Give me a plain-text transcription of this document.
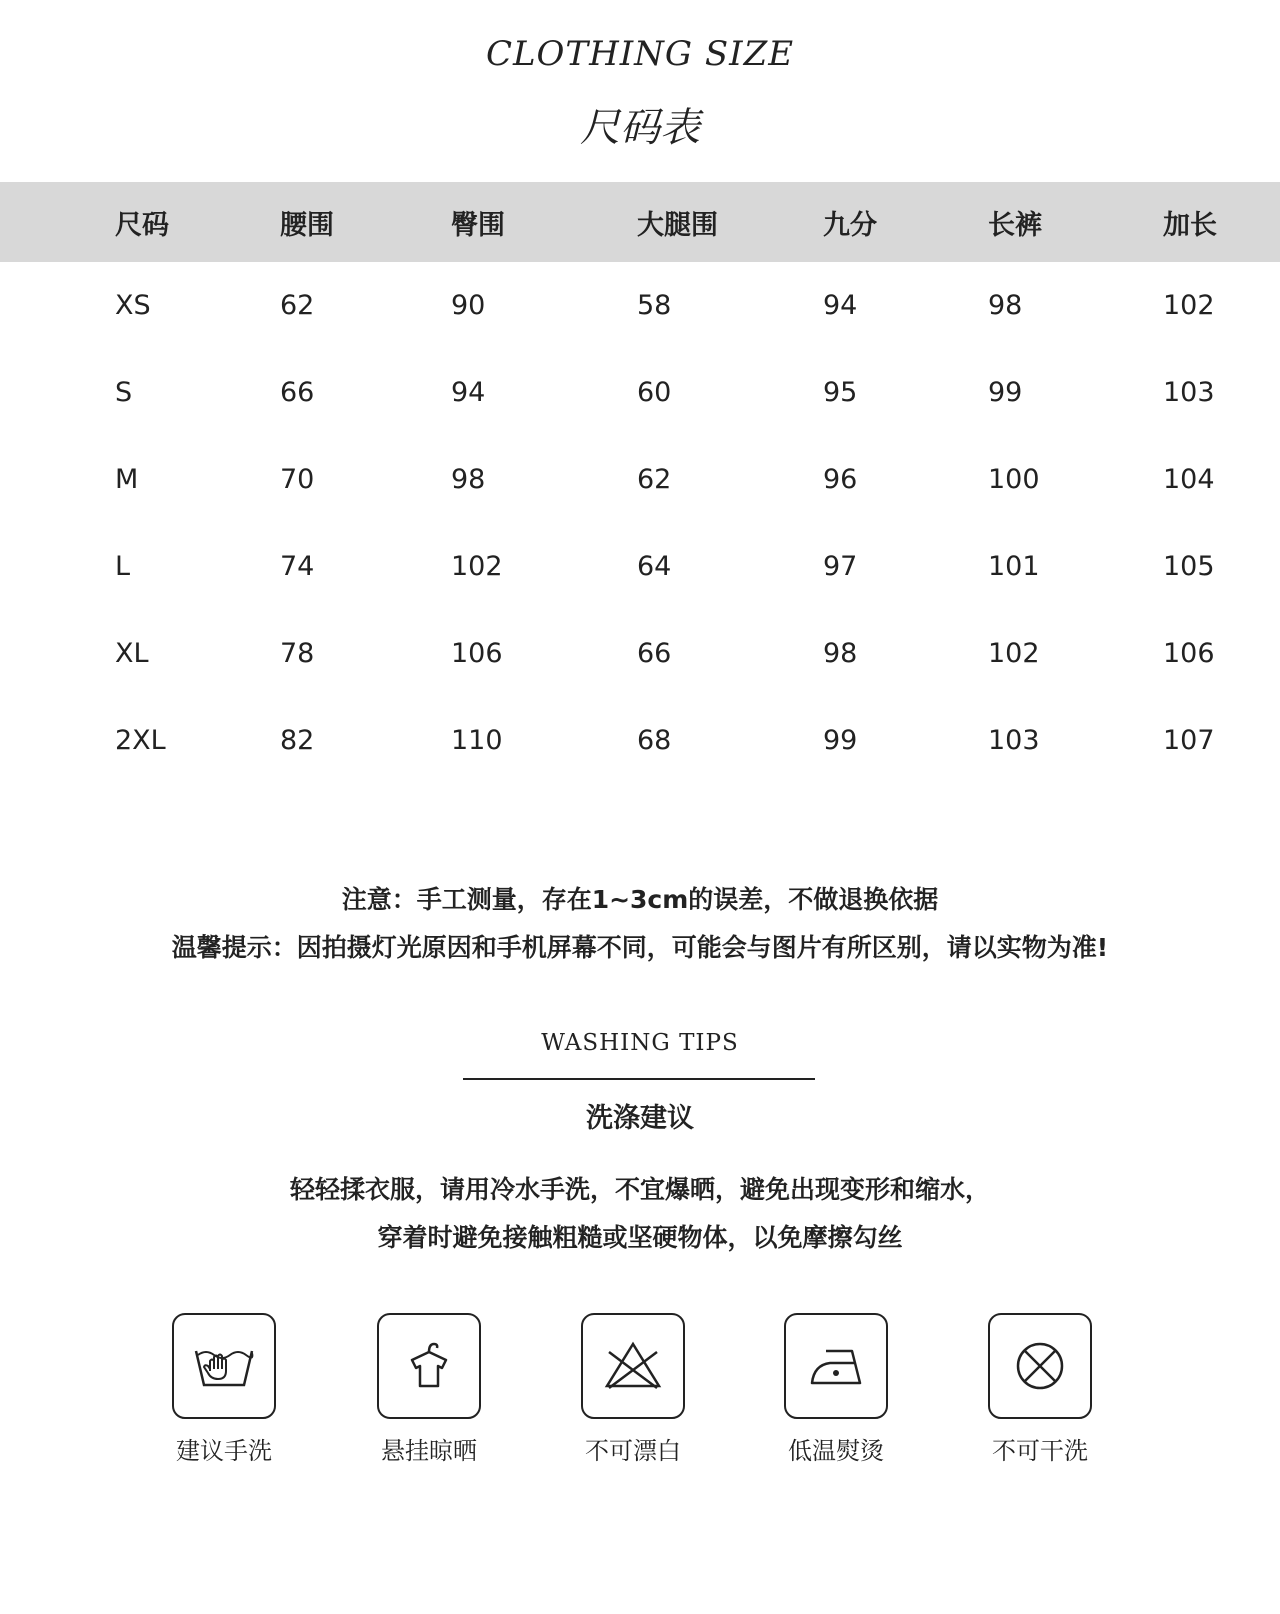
CLOTHING SIZE
尺码表
尺码	腰围	臀围	大腿围	九分	长裤	加长
XS	62	90	58	94	98	102
S	66	94	60	95	99	103
M	70	98	62	96	100	104
L	74	102	64	97	101	105
XL	78	106	66	98	102	106
2XL	82	110	68	99	103	107
注意：手工测量，存在1~3cm的误差，不做退换依据
温馨提示：因拍摄灯光原因和手机屏幕不同，可能会与图片有所区别，请以实物为准!
WASHING TIPS
洗涤建议
轻轻揉衣服，请用冷水手洗，不宜爆晒，避免出现变形和缩水，
穿着时避免接触粗糙或坚硬物体，以免摩擦勾丝
建议手洗	悬挂晾晒	不可漂白	低温熨烫	不可干洗
